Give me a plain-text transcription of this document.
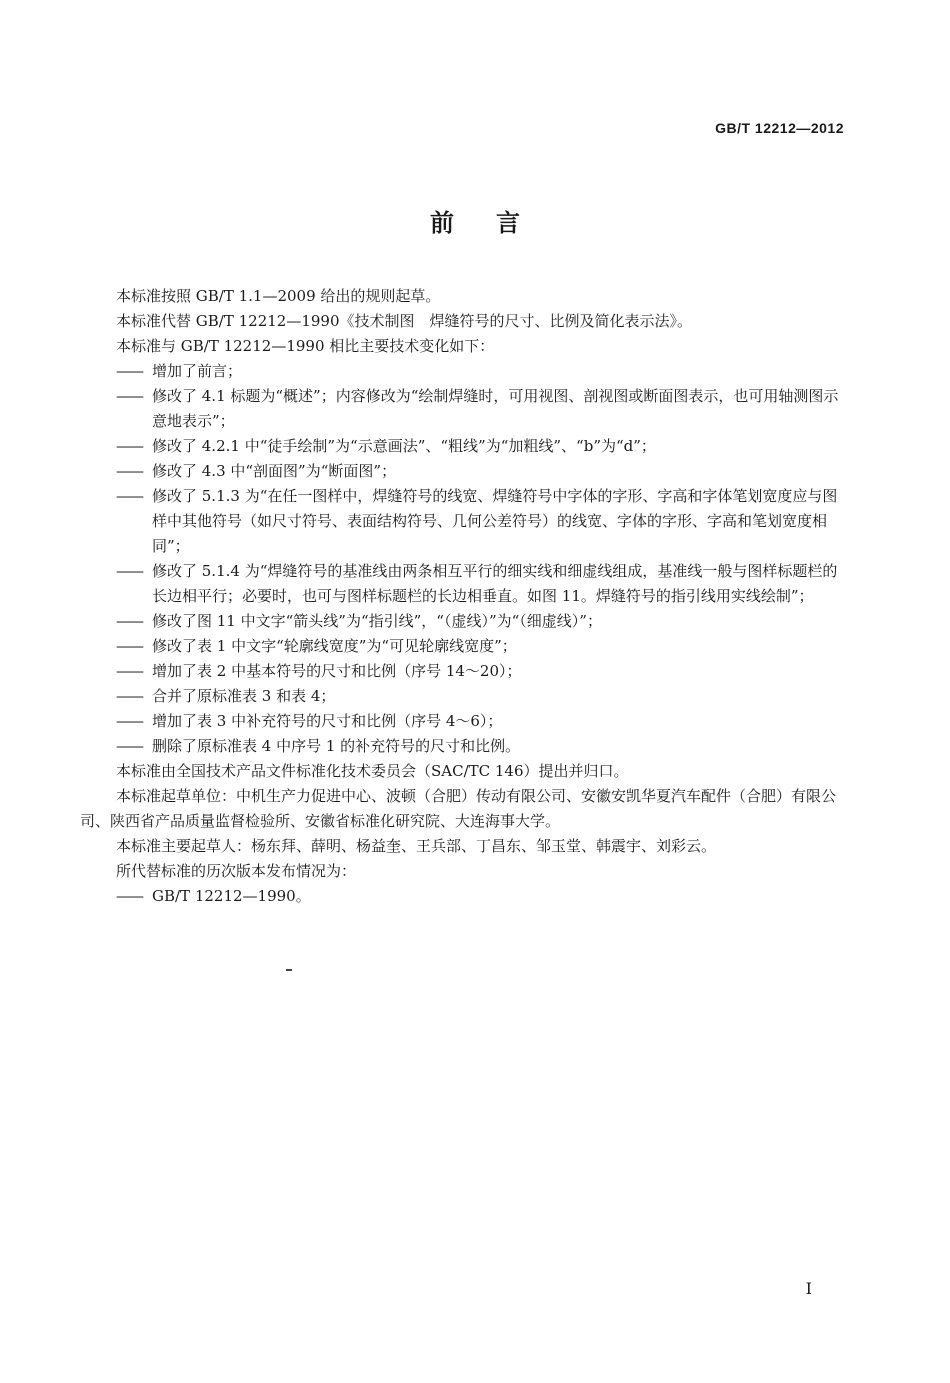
GB/T 12212—2012
前言

本标准按照 GB/T 1.1—2009 给出的规则起草。

本标准代替 GB/T 12212—1990《技术制图　焊缝符号的尺寸、比例及简化表示法》。

本标准与 GB/T 12212—1990 相比主要技术变化如下：

—— 增加了前言；

—— 修改了 4.1 标题为“概述”；内容修改为“绘制焊缝时，可用视图、剖视图或断面图表示，也可用轴测图示意地表示”；

—— 修改了 4.2.1 中“徒手绘制”为“示意画法”、“粗线”为“加粗线”、“b”为“d”；

—— 修改了 4.3 中“剖面图”为“断面图”；

—— 修改了 5.1.3 为“在任一图样中，焊缝符号的线宽、焊缝符号中字体的字形、字高和字体笔划宽度应与图样中其他符号（如尺寸符号、表面结构符号、几何公差符号）的线宽、字体的字形、字高和笔划宽度相同”；

—— 修改了 5.1.4 为“焊缝符号的基准线由两条相互平行的细实线和细虚线组成，基准线一般与图样标题栏的长边相平行；必要时，也可与图样标题栏的长边相垂直。如图 11。焊缝符号的指引线用实线绘制”；

—— 修改了图 11 中文字“箭头线”为“指引线”，“（虚线）”为“（细虚线）”；

—— 修改了表 1 中文字“轮廓线宽度”为“可见轮廓线宽度”；

—— 增加了表 2 中基本符号的尺寸和比例（序号 14～20）；

—— 合并了原标准表 3 和表 4；

—— 增加了表 3 中补充符号的尺寸和比例（序号 4～6）；

—— 删除了原标准表 4 中序号 1 的补充符号的尺寸和比例。

本标准由全国技术产品文件标准化技术委员会（SAC/TC 146）提出并归口。

本标准起草单位：中机生产力促进中心、波顿（合肥）传动有限公司、安徽安凯华夏汽车配件（合肥）有限公司、陕西省产品质量监督检验所、安徽省标准化研究院、大连海事大学。

本标准主要起草人：杨东拜、薛明、杨益奎、王兵部、丁昌东、邹玉堂、韩震宇、刘彩云。

所代替标准的历次版本发布情况为：

—— GB/T 12212—1990。

I
